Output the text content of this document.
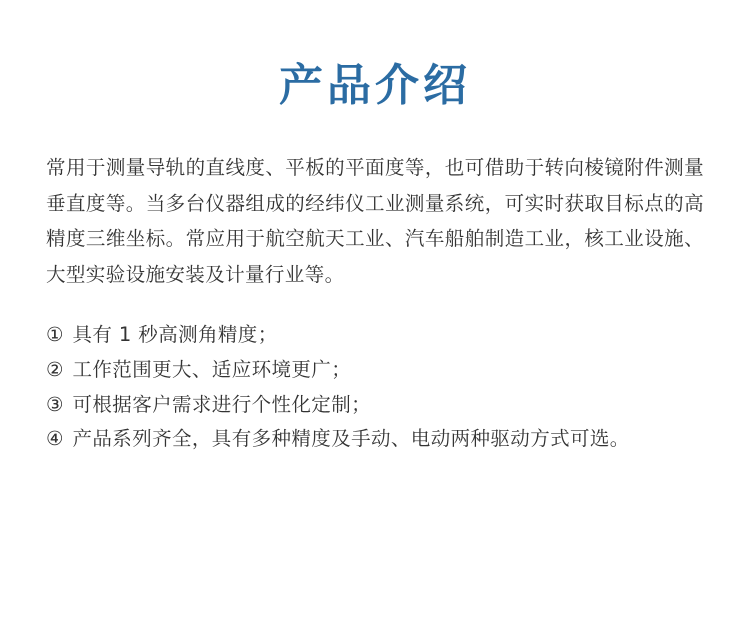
产品介绍
常用于测量导轨的直线度、平板的平面度等，也可借助于转向棱镜附件测量垂直度等。当多台仪器组成的经纬仪工业测量系统，可实时获取目标点的高精度三维坐标。常应用于航空航天工业、汽车船舶制造工业，核工业设施、大型实验设施安装及计量行业等。
① 具有 1 秒高测角精度；
② 工作范围更大、适应环境更广；
③ 可根据客户需求进行个性化定制；
④ 产品系列齐全，具有多种精度及手动、电动两种驱动方式可选。
